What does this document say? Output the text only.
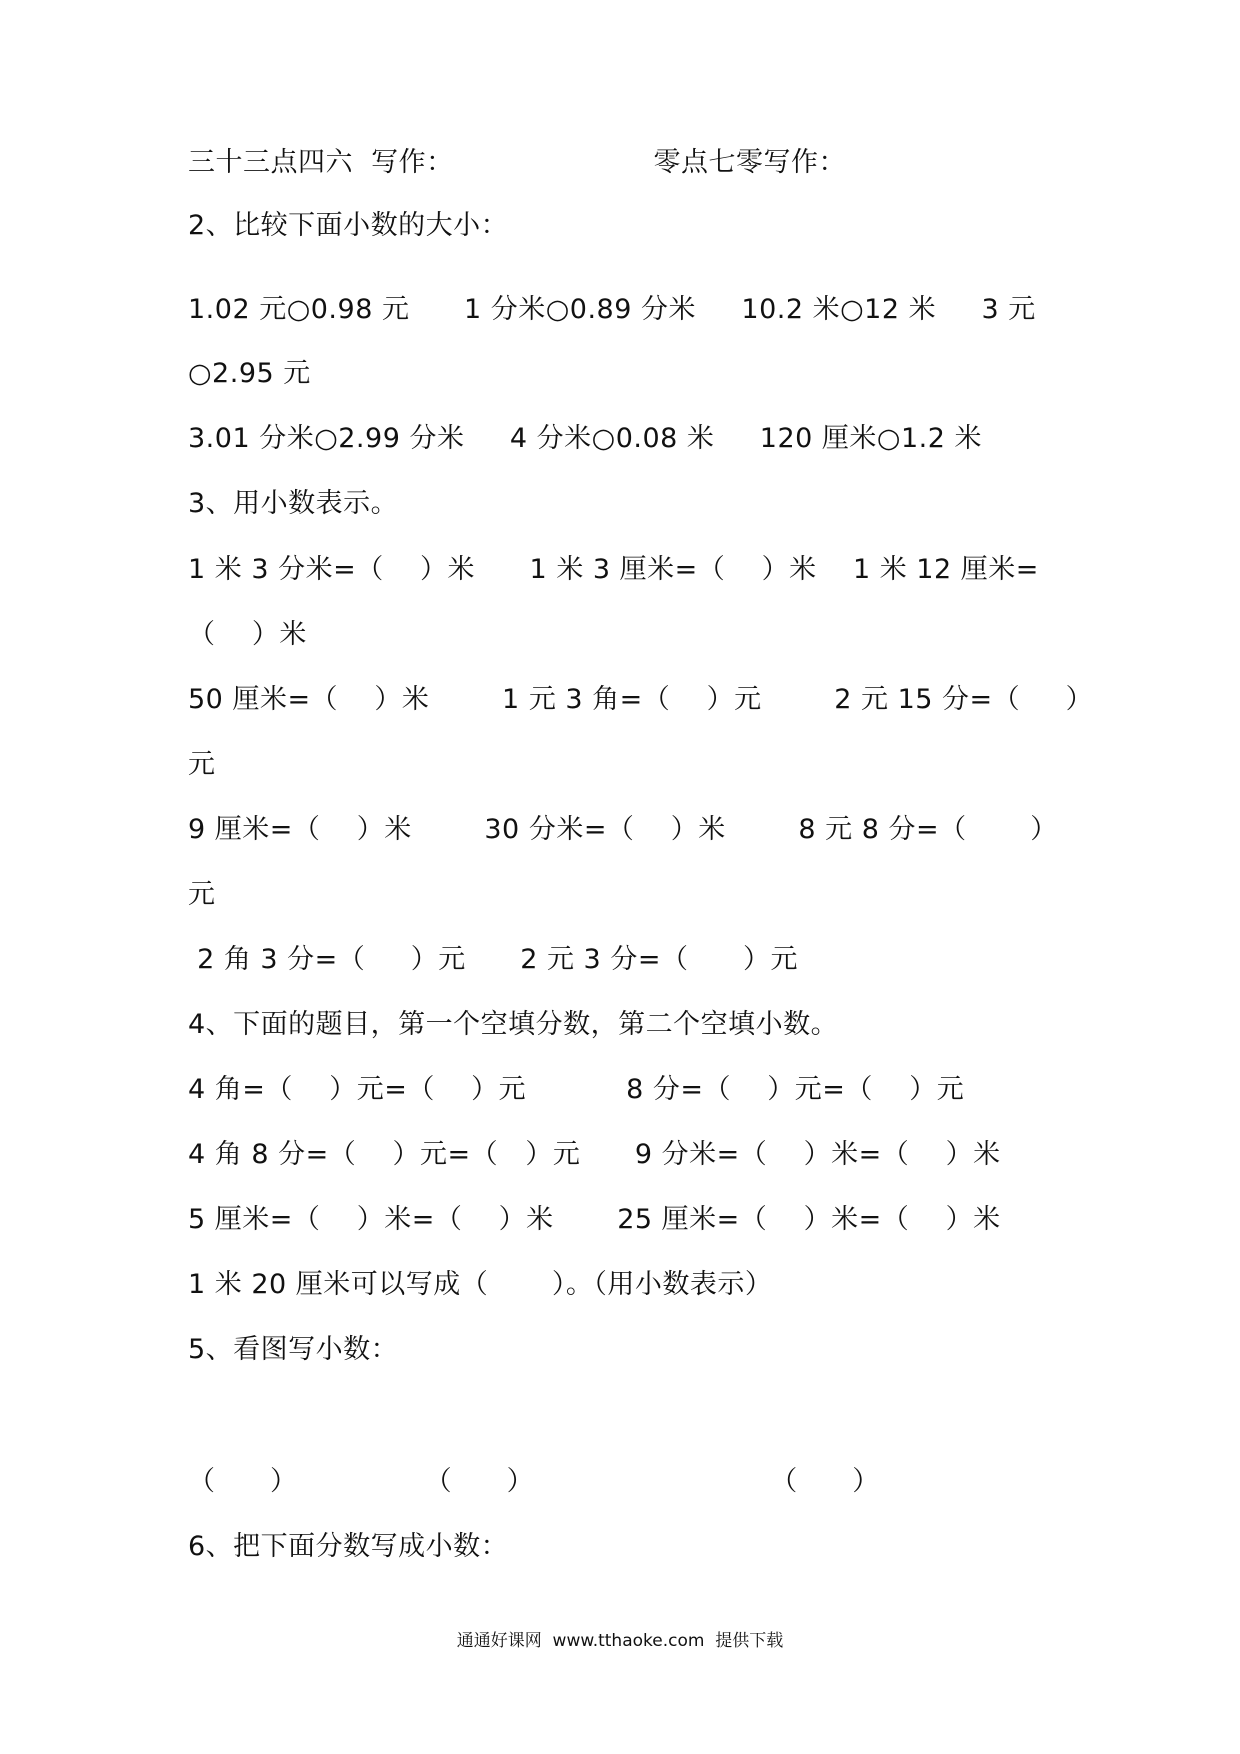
三十三点四六  写作：                      零点七零写作：
2、比较下面小数的大小：
1.02 元○0.98 元      1 分米○0.89 分米     10.2 米○12 米     3 元
○2.95 元
3.01 分米○2.99 分米     4 分米○0.08 米     120 厘米○1.2 米
3、用小数表示。
1 米 3 分米=（    ）米      1 米 3 厘米=（    ）米    1 米 12 厘米=
（    ）米
50 厘米=（    ）米        1 元 3 角=（    ）元        2 元 15 分=（     ）
元
9 厘米=（    ）米        30 分米=（    ）米        8 元 8 分=（       ）
元
2 角 3 分=（     ）元      2 元 3 分=（      ）元
4、下面的题目，第一个空填分数，第二个空填小数。
4 角=（    ）元=（    ）元           8 分=（    ）元=（    ）元
4 角 8 分=（    ）元=（   ）元      9 分米=（    ）米=（    ）米
5 厘米=（    ）米=（    ）米       25 厘米=（    ）米=（    ）米
1 米 20 厘米可以写成（       ）。（用小数表示）
5、看图写小数：
（      ）              （      ）                          （      ）
6、把下面分数写成小数：
通通好课网  www.tthaoke.com  提供下载
